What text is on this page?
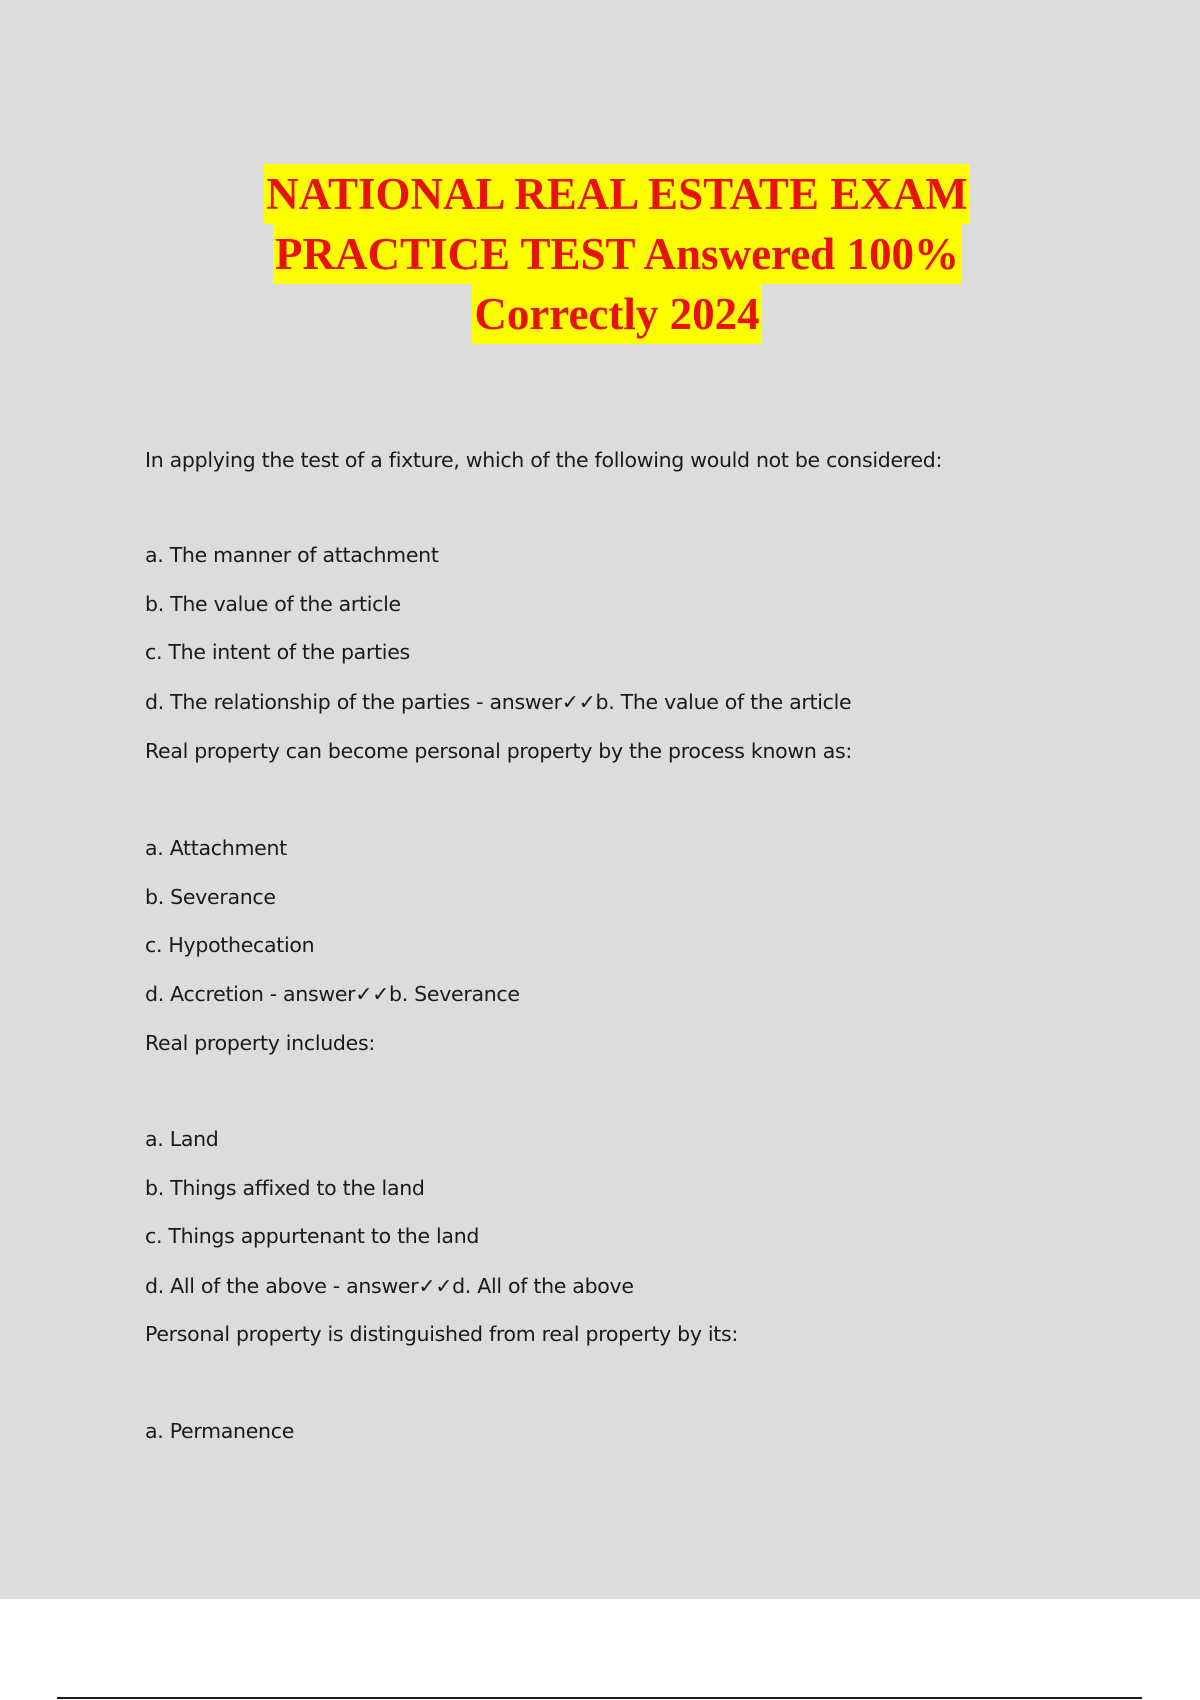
NATIONAL REAL ESTATE EXAM
PRACTICE TEST Answered 100%
Correctly 2024
In applying the test of a fixture, which of the following would not be considered:
a. The manner of attachment
b. The value of the article
c. The intent of the parties
d. The relationship of the parties - answer✓✓b. The value of the article
Real property can become personal property by the process known as:
a. Attachment
b. Severance
c. Hypothecation
d. Accretion - answer✓✓b. Severance
Real property includes:
a. Land
b. Things affixed to the land
c. Things appurtenant to the land
d. All of the above - answer✓✓d. All of the above
Personal property is distinguished from real property by its:
a. Permanence
